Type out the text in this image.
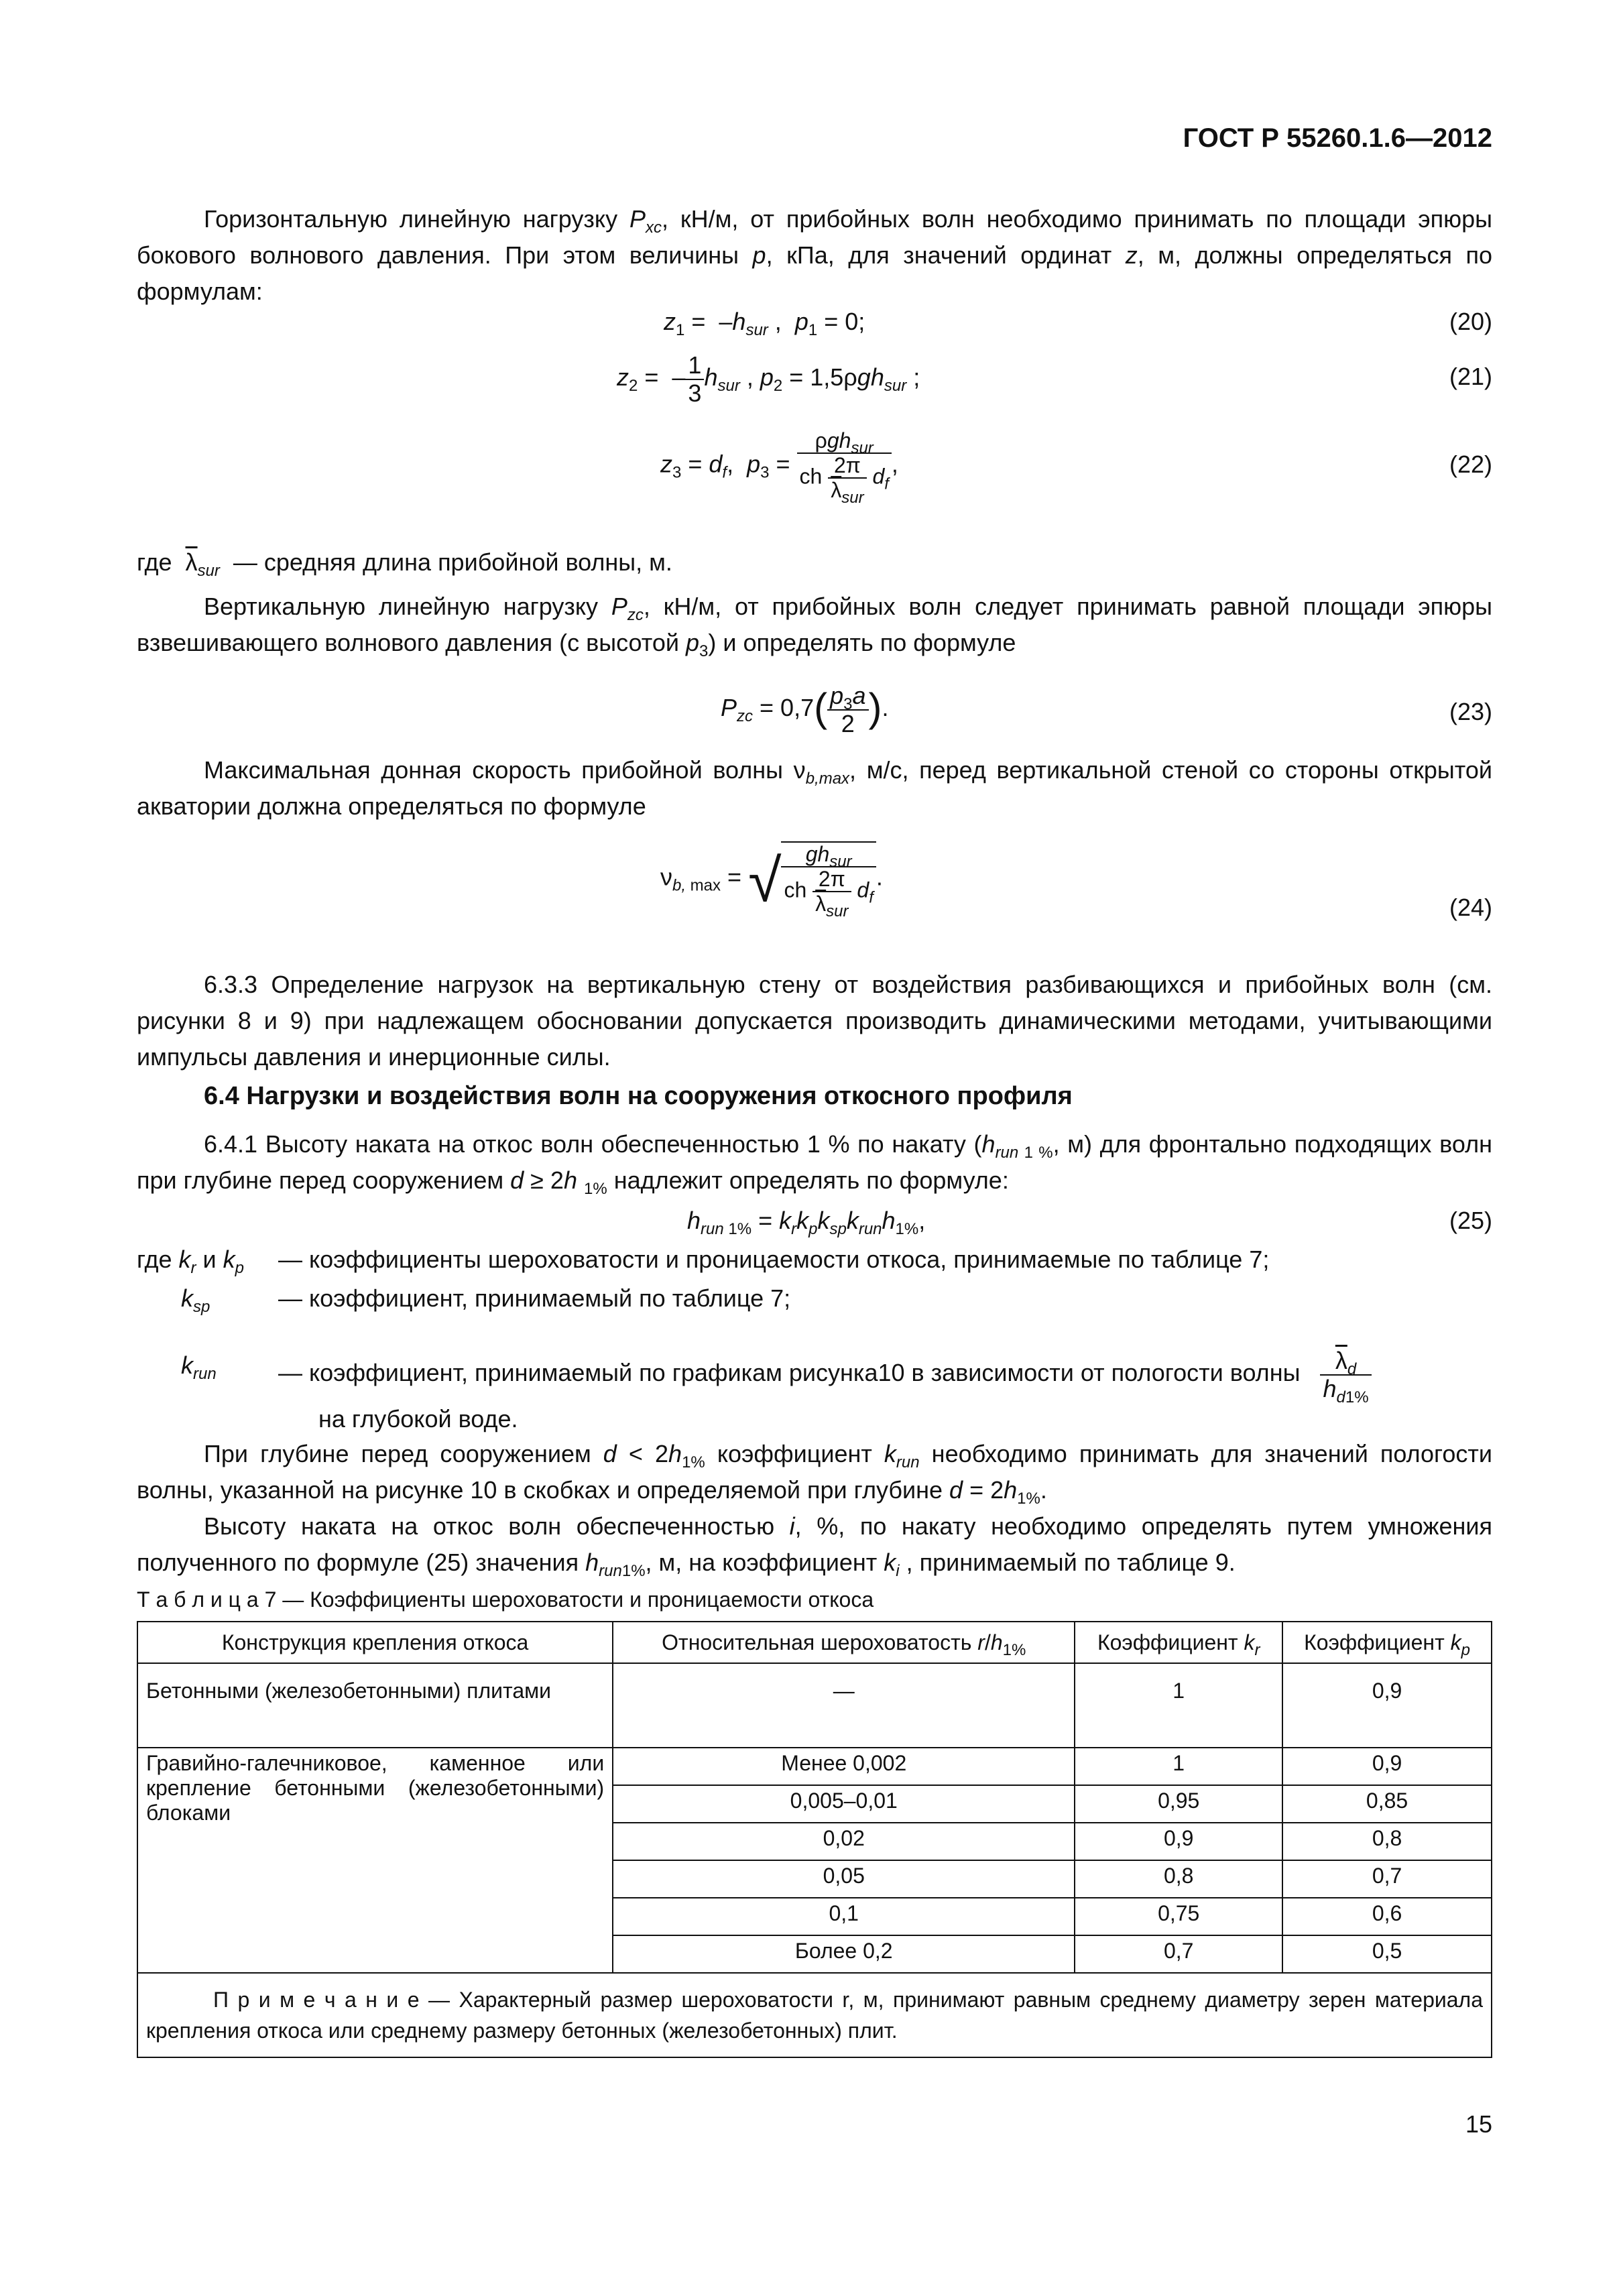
ГОСТ Р 55260.1.6—2012
Горизонтальную линейную нагрузку $P_{xc}$, кН/м, от прибойных волн необходимо принимать по площади эпюры бокового волнового давления. При этом величины p, кПа, для значений ординат z, м, должны определяться по формулам:
$z_1 = -h_{sur}$ ,  $p_1 = 0$;	(20)
$z_2$ =  – $\frac{1}{3} h_{sur}$ , $p_2 = 1,5\rho gh_{sur}$ ;	(21)
$z_3 = d_f$,  $p_3 = \frac{\rho gh_{sur}}{ch \frac{2\pi}{\overline{\lambda}_{sur}} d_f}$ ,	(22)
где  $\overline{\lambda}_{sur}$ — средняя длина прибойной волны, м.
Вертикальную линейную нагрузку $P_{zc}$, кН/м, от прибойных волн следует принимать равной площади эпюры взвешивающего волнового давления (с высотой $p_3$) и определять по формуле
$P_{zc} = 0,7( \frac{p_3a}{2}$ ).	(23)
Максимальная донная скорость прибойной волны $\nu_{b,max}$, м/с, перед вертикальной стеной со стороны открытой акватории должна определяться по формуле
$\nu_{b, max}$ = √ $\frac{gh_{sur}}{ch \frac{2\pi}{\overline{\lambda}_{sur}} d_f}$ .
(24)
6.3.3 Определение нагрузок на вертикальную стену от воздействия разбивающихся и прибойных волн (см. рисунки 8 и 9) при надлежащем обосновании допускается производить динамическими методами, учитывающими импульсы давления и инерционные силы.
6.4 Нагрузки и воздействия волн на сооружения откосного профиля
6.4.1 Высоту наката на откос волн обеспеченностью 1 % по накату ($h_{run 1 \%}$, м) для фронтально подходящих волн при глубине перед сооружением d ≥ 2h $_{1\%}$ надлежит определять по формуле:
$h_{run 1\%} = k_rk_pk_{sp}k_{run}h_{1\%}$,	(25)
где $k_r$ и $k_p$ — коэффициенты шероховатости и проницаемости откоса, принимаемые по таблице 7;
$k_{sp}$	— коэффициент, принимаемый по таблице 7;
$k_{run}$	— коэффициент, принимаемый по графикам рисунка10 в зависимости от пологости волны $\frac{\overline{\lambda}_d}{h_{d1\%}}$
на глубокой воде.
При глубине перед сооружением $d < 2h_{1\%}$ коэффициент $k_{run}$ необходимо принимать для значений пологости волны, указанной на рисунке 10 в скобках и определяемой при глубине $d = 2h_{1\%}$.
Высоту наката на откос волн обеспеченностью i, %, по накату необходимо определять путем умножения полученного по формуле (25) значения $h_{run1\%}$, м, на коэффициент $k_i$ , принимаемый по таблице 9.
Т а б л и ц а 7 — Коэффициенты шероховатости и проницаемости откоса
Конструкция крепления откоса	Относительная шероховатость $r/h_{1\%}$	Коэффициент $k_r$	Коэффициент $k_p$
Бетонными (железобетонными) плитами	—	1	0,9
Гравийно-галечниковое, каменное или крепление бетонными (железобетонными) блоками	Менее 0,002	1	0,9
	0,005–0,01	0,95	0,85
	0,02	0,9	0,8
	0,05	0,8	0,7
	0,1	0,75	0,6
	Более 0,2	0,7	0,5
П р и м е ч а н и е — Характерный размер шероховатости r, м, принимают равным среднему диаметру зерен материала крепления откоса или среднему размеру бетонных (железобетонных) плит.			
15
